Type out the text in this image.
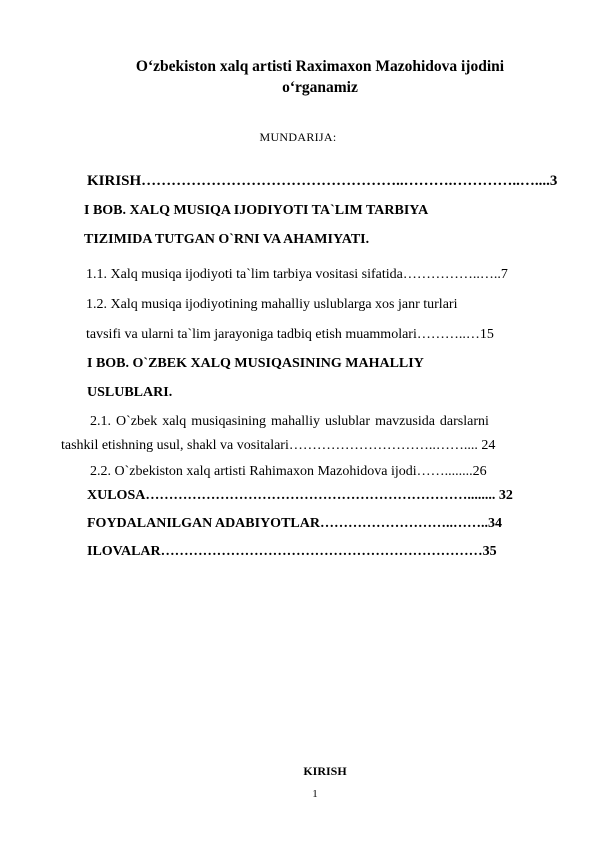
O‘zbekiston xalq artisti Raximaxon Mazohidova ijodini
o‘rganamiz
MUNDARIJA:
KIRISH……………………………………………..……….…………..…....3
I BOB. XALQ MUSIQA IJODIYOTI TA`LIM TARBIYA
TIZIMIDA TUTGAN O`RNI VA AHAMIYATI.
1.1. Xalq musiqa ijodiyoti ta`lim tarbiya vositasi sifatida……………..…..7
1.2. Xalq musiqa ijodiyotining mahalliy uslublarga xos janr turlari
tavsifi va ularni ta`lim jarayoniga tadbiq etish muammolari………..…15
I BOB. O`ZBEK XALQ MUSIQASINING MAHALLIY
USLUBLARI.
2.1. O`zbek xalq musiqasining mahalliy uslublar mavzusida darslarni
tashkil etishning usul, shakl va vositalari…………………………..…….... 24
2.2. O`zbekiston xalq artisti Rahimaxon Mazohidova ijodi……........26
XULOSA……………………………………………………………........ 32
FOYDALANILGAN ADABIYOTLAR………………………..……..34
ILOVALAR……………………………………………………………35
KIRISH
1
